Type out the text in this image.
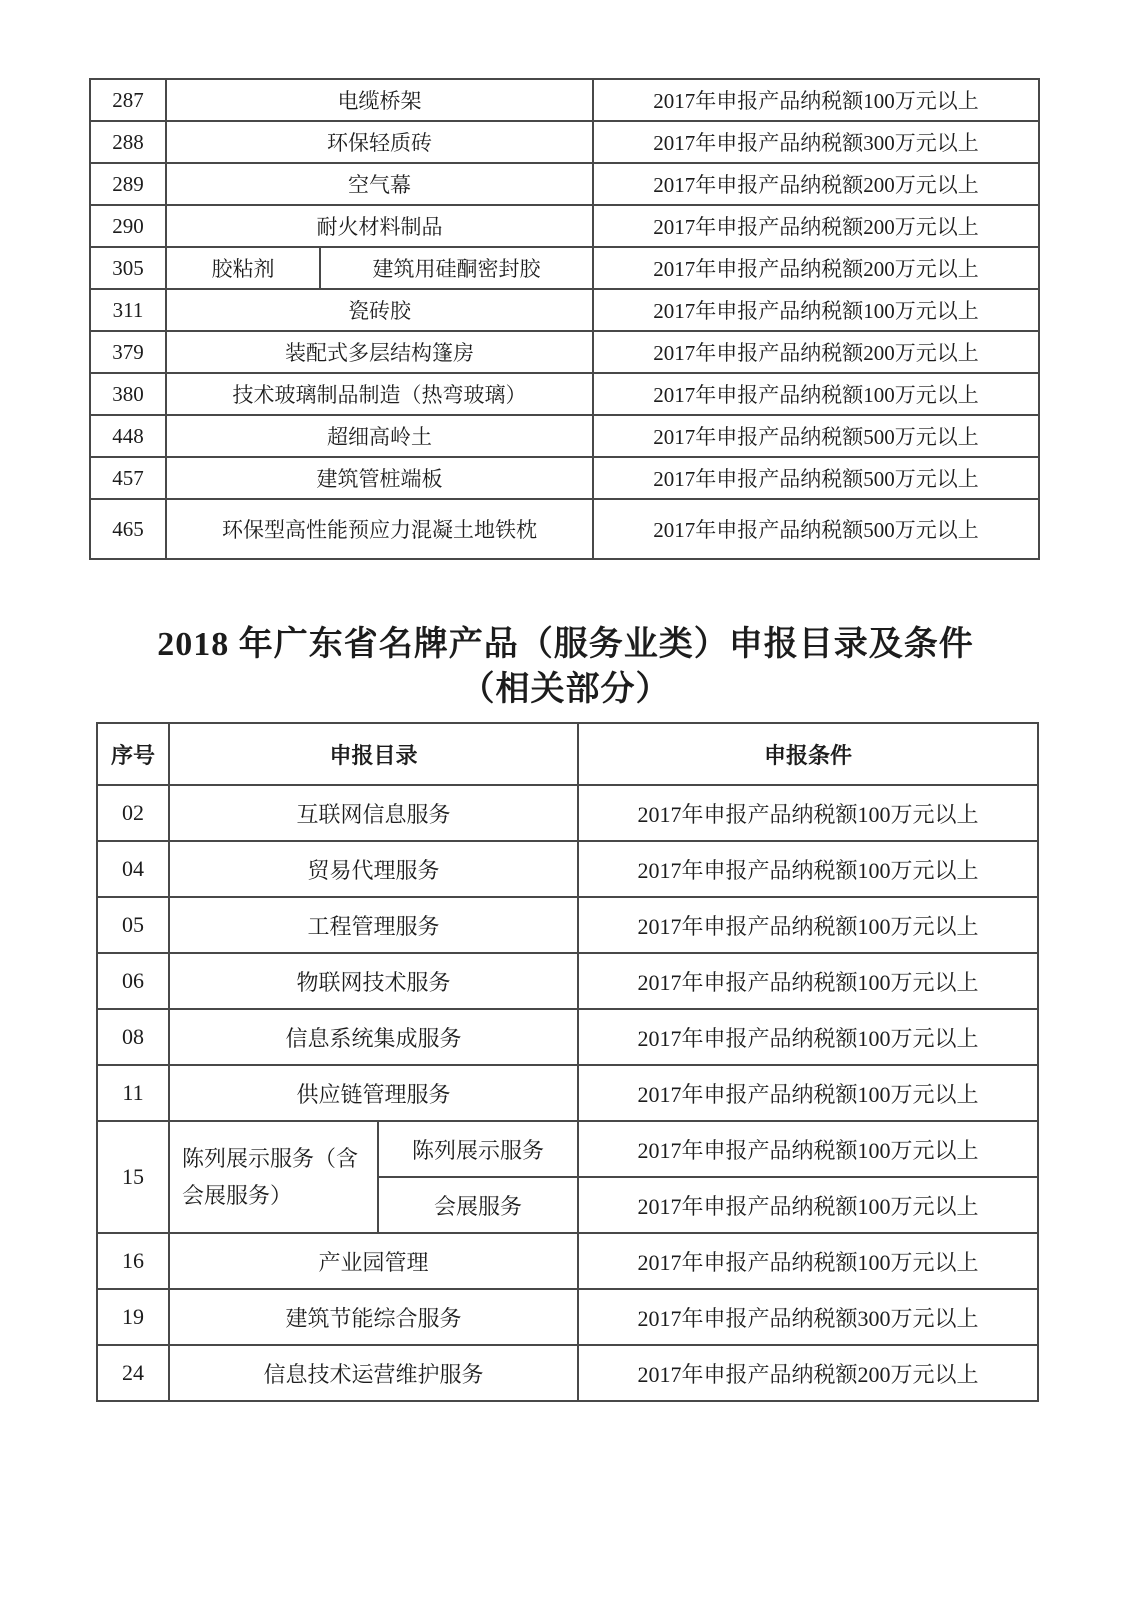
287	电缆桥架		2017年申报产品纳税额100万元以上
288	环保轻质砖		2017年申报产品纳税额300万元以上
289	空气幕		2017年申报产品纳税额200万元以上
290	耐火材料制品		2017年申报产品纳税额200万元以上
305	胶粘剂	建筑用硅酮密封胶	2017年申报产品纳税额200万元以上
311	瓷砖胶		2017年申报产品纳税额100万元以上
379	装配式多层结构篷房		2017年申报产品纳税额200万元以上
380	技术玻璃制品制造（热弯玻璃）		2017年申报产品纳税额100万元以上
448	超细高岭土		2017年申报产品纳税额500万元以上
457	建筑管桩端板		2017年申报产品纳税额500万元以上
465	环保型高性能预应力混凝土地铁枕		2017年申报产品纳税额500万元以上
2018 年广东省名牌产品（服务业类）申报目录及条件
（相关部分）
序号	申报目录		申报条件
02	互联网信息服务		2017年申报产品纳税额100万元以上
04	贸易代理服务		2017年申报产品纳税额100万元以上
05	工程管理服务		2017年申报产品纳税额100万元以上
06	物联网技术服务		2017年申报产品纳税额100万元以上
08	信息系统集成服务		2017年申报产品纳税额100万元以上
11	供应链管理服务		2017年申报产品纳税额100万元以上
15	陈列展示服务（含会展服务）	陈列展示服务	2017年申报产品纳税额100万元以上
		会展服务	2017年申报产品纳税额100万元以上
16	产业园管理		2017年申报产品纳税额100万元以上
19	建筑节能综合服务		2017年申报产品纳税额300万元以上
24	信息技术运营维护服务		2017年申报产品纳税额200万元以上
